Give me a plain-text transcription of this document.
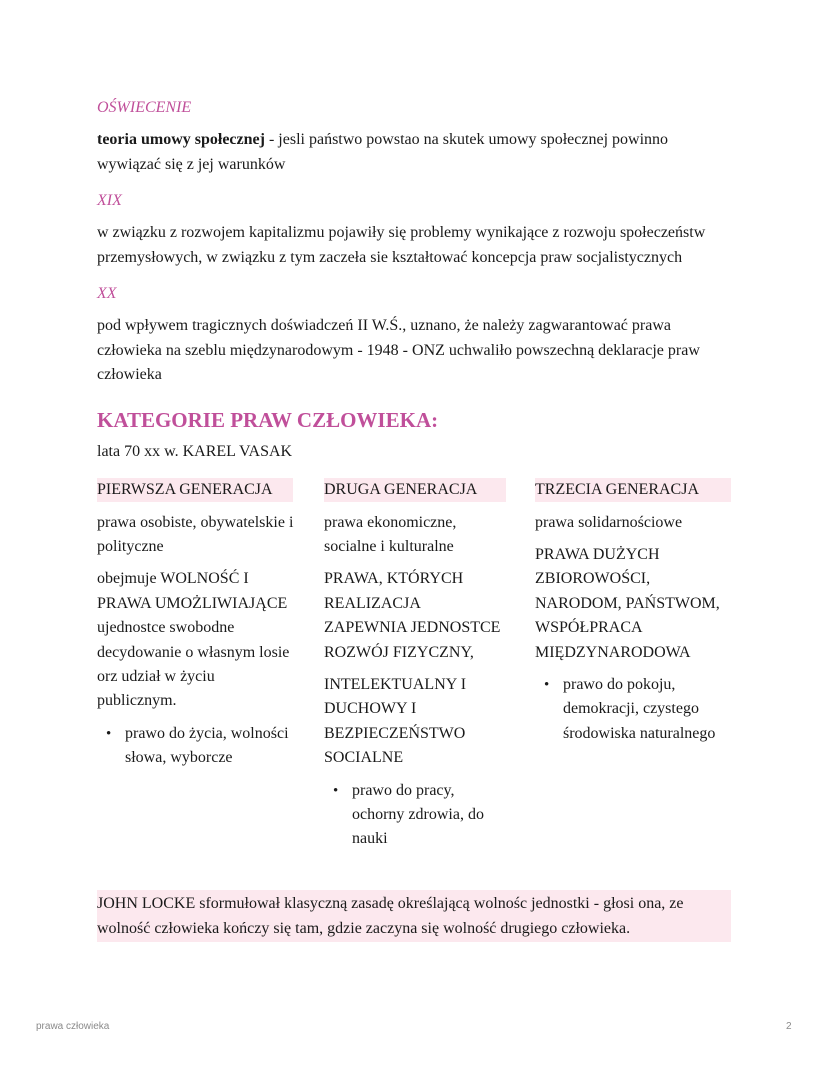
OŚWIECENIE
teoria umowy społecznej - jesli państwo powstao na skutek umowy społecznej powinno wywiązać się z jej warunków
XIX
w związku z rozwojem kapitalizmu pojawiły się problemy wynikające z rozwoju społeczeństw przemysłowych, w związku z tym zaczeła sie kształtować koncepcja praw socjalistycznych
XX
pod wpływem tragicznych doświadczeń II W.Ś., uznano, że należy zagwarantować prawa człowieka na szeblu międzynarodowym - 1948 - ONZ uchwaliło powszechną deklaracje praw człowieka
KATEGORIE PRAW CZŁOWIEKA:
lata 70 xx w. KAREL VASAK
PIERWSZA GENERACJA
prawa osobiste, obywatelskie i polityczne
obejmuje WOLNOŚĆ I PRAWA UMOŻLIWIAJĄCE ujednostce swobodne decydowanie o własnym losie orz udział w życiu publicznym.
• prawo do życia, wolności słowa, wyborcze
DRUGA GENERACJA
prawa ekonomiczne, socialne i kulturalne
PRAWA, KTÓRYCH REALIZACJA ZAPEWNIA JEDNOSTCE ROZWÓJ FIZYCZNY,
INTELEKTUALNY I DUCHOWY I BEZPIECZEŃSTWO SOCIALNE
• prawo do pracy, ochorny zdrowia, do nauki
TRZECIA GENERACJA
prawa solidarnościowe
PRAWA DUŻYCH ZBIOROWOŚCI, NARODOM, PAŃSTWOM, WSPÓŁPRACA MIĘDZYNARODOWA
• prawo do pokoju, demokracji, czystego środowiska naturalnego
JOHN LOCKE sformułował klasyczną zasadę określającą wolnośc jednostki - głosi ona, ze wolność człowieka kończy się tam, gdzie zaczyna się wolność drugiego człowieka.
prawa człowieka	2
